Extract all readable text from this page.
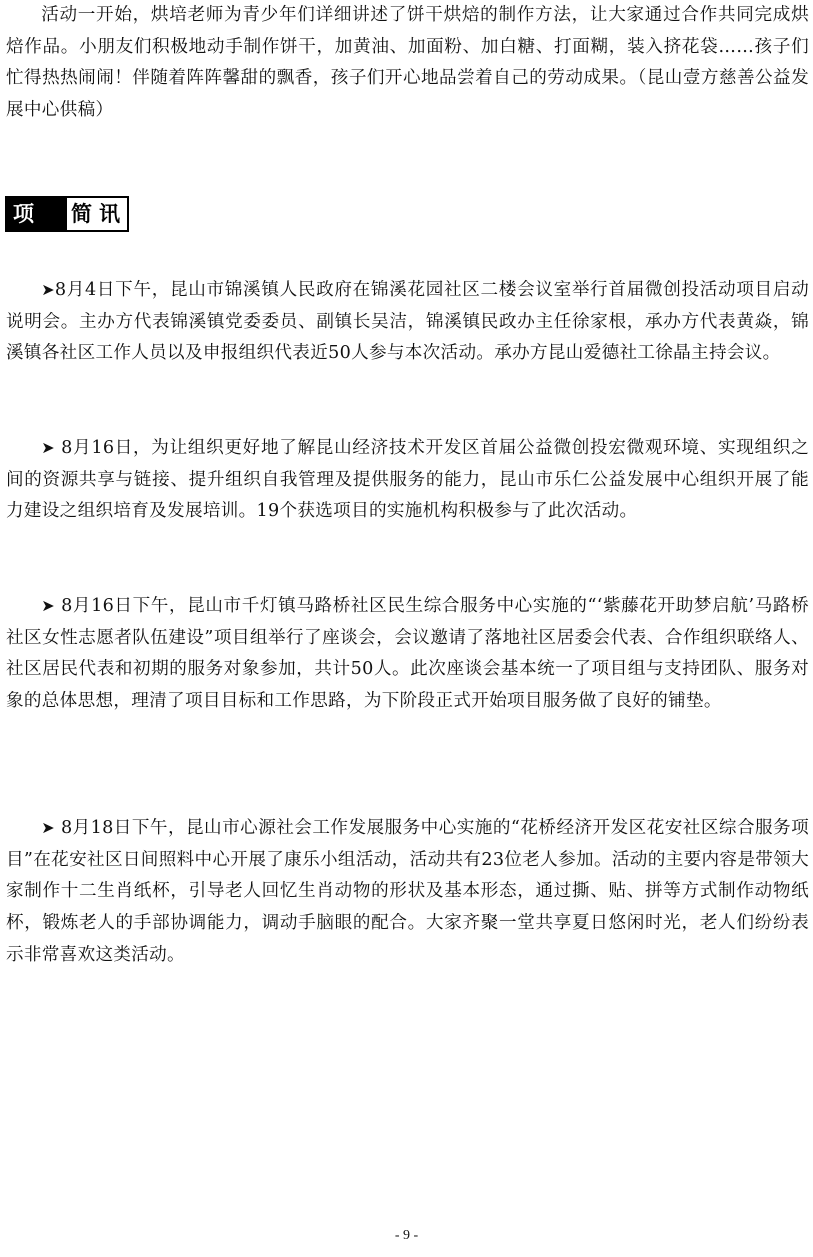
活动一开始，烘培老师为青少年们详细讲述了饼干烘焙的制作方法，让大家通过合作共同完成烘焙作品。小朋友们积极地动手制作饼干，加黄油、加面粉、加白糖、打面糊，装入挤花袋……孩子们忙得热热闹闹！伴随着阵阵馨甜的飘香，孩子们开心地品尝着自己的劳动成果。（昆山壹方慈善公益发展中心供稿）

项目
简讯

➤8月4日下午，昆山市锦溪镇人民政府在锦溪花园社区二楼会议室举行首届微创投活动项目启动说明会。主办方代表锦溪镇党委委员、副镇长吴洁，锦溪镇民政办主任徐家根，承办方代表黄焱，锦溪镇各社区工作人员以及申报组织代表近50人参与本次活动。承办方昆山爱德社工徐晶主持会议。

➤ 8月16日，为让组织更好地了解昆山经济技术开发区首届公益微创投宏微观环境、实现组织之间的资源共享与链接、提升组织自我管理及提供服务的能力，昆山市乐仁公益发展中心组织开展了能力建设之组织培育及发展培训。19个获选项目的实施机构积极参与了此次活动。

➤ 8月16日下午，昆山市千灯镇马路桥社区民生综合服务中心实施的“‘紫藤花开助梦启航’马路桥社区女性志愿者队伍建设”项目组举行了座谈会，会议邀请了落地社区居委会代表、合作组织联络人、社区居民代表和初期的服务对象参加，共计50人。此次座谈会基本统一了项目组与支持团队、服务对象的总体思想，理清了项目目标和工作思路，为下阶段正式开始项目服务做了良好的铺垫。

➤ 8月18日下午，昆山市心源社会工作发展服务中心实施的“花桥经济开发区花安社区综合服务项目”在花安社区日间照料中心开展了康乐小组活动，活动共有23位老人参加。活动的主要内容是带领大家制作十二生肖纸杯，引导老人回忆生肖动物的形状及基本形态，通过撕、贴、拼等方式制作动物纸杯，锻炼老人的手部协调能力，调动手脑眼的配合。大家齐聚一堂共享夏日悠闲时光，老人们纷纷表示非常喜欢这类活动。

- 9 -
